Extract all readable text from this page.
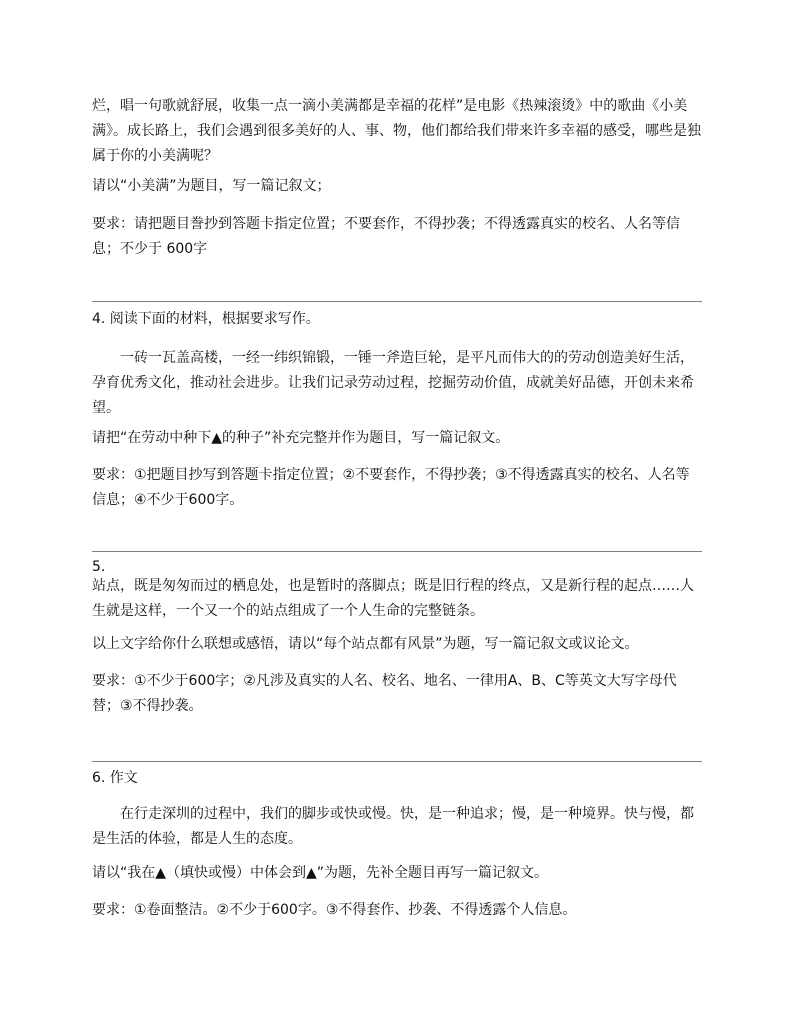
烂，唱一句歌就舒展，收集一点一滴小美满都是幸福的花样”是电影《热辣滚烫》中的歌曲《小美满》。成长路上，我们会遇到很多美好的人、事、物，他们都给我们带来许多幸福的感受，哪些是独属于你的小美满呢？

请以“小美满”为题目，写一篇记叙文；

要求：请把题目誊抄到答题卡指定位置；不要套作，不得抄袭；不得透露真实的校名、人名等信息；不少于 600字

4. 阅读下面的材料，根据要求写作。

一砖一瓦盖高楼，一经一纬织锦锻，一锤一斧造巨轮，是平凡而伟大的的劳动创造美好生活，孕育优秀文化，推动社会进步。让我们记录劳动过程，挖掘劳动价值，成就美好品德，开创未来希望。

请把“在劳动中种下▲的种子”补充完整并作为题目，写一篇记叙文。

要求：①把题目抄写到答题卡指定位置；②不要套作，不得抄袭；③不得透露真实的校名、人名等信息；④不少于600字。

5.

站点，既是匆匆而过的栖息处，也是暂时的落脚点；既是旧行程的终点，又是新行程的起点……人生就是这样，一个又一个的站点组成了一个人生命的完整链条。

以上文字给你什么联想或感悟，请以“每个站点都有风景”为题，写一篇记叙文或议论文。

要求：①不少于600字；②凡涉及真实的人名、校名、地名、一律用A、B、C等英文大写字母代替；③不得抄袭。

6. 作文

在行走深圳的过程中，我们的脚步或快或慢。快，是一种追求；慢，是一种境界。快与慢，都是生活的体验，都是人生的态度。

请以“我在▲（填快或慢）中体会到▲”为题，先补全题目再写一篇记叙文。

要求：①卷面整洁。②不少于600字。③不得套作、抄袭、不得透露个人信息。
